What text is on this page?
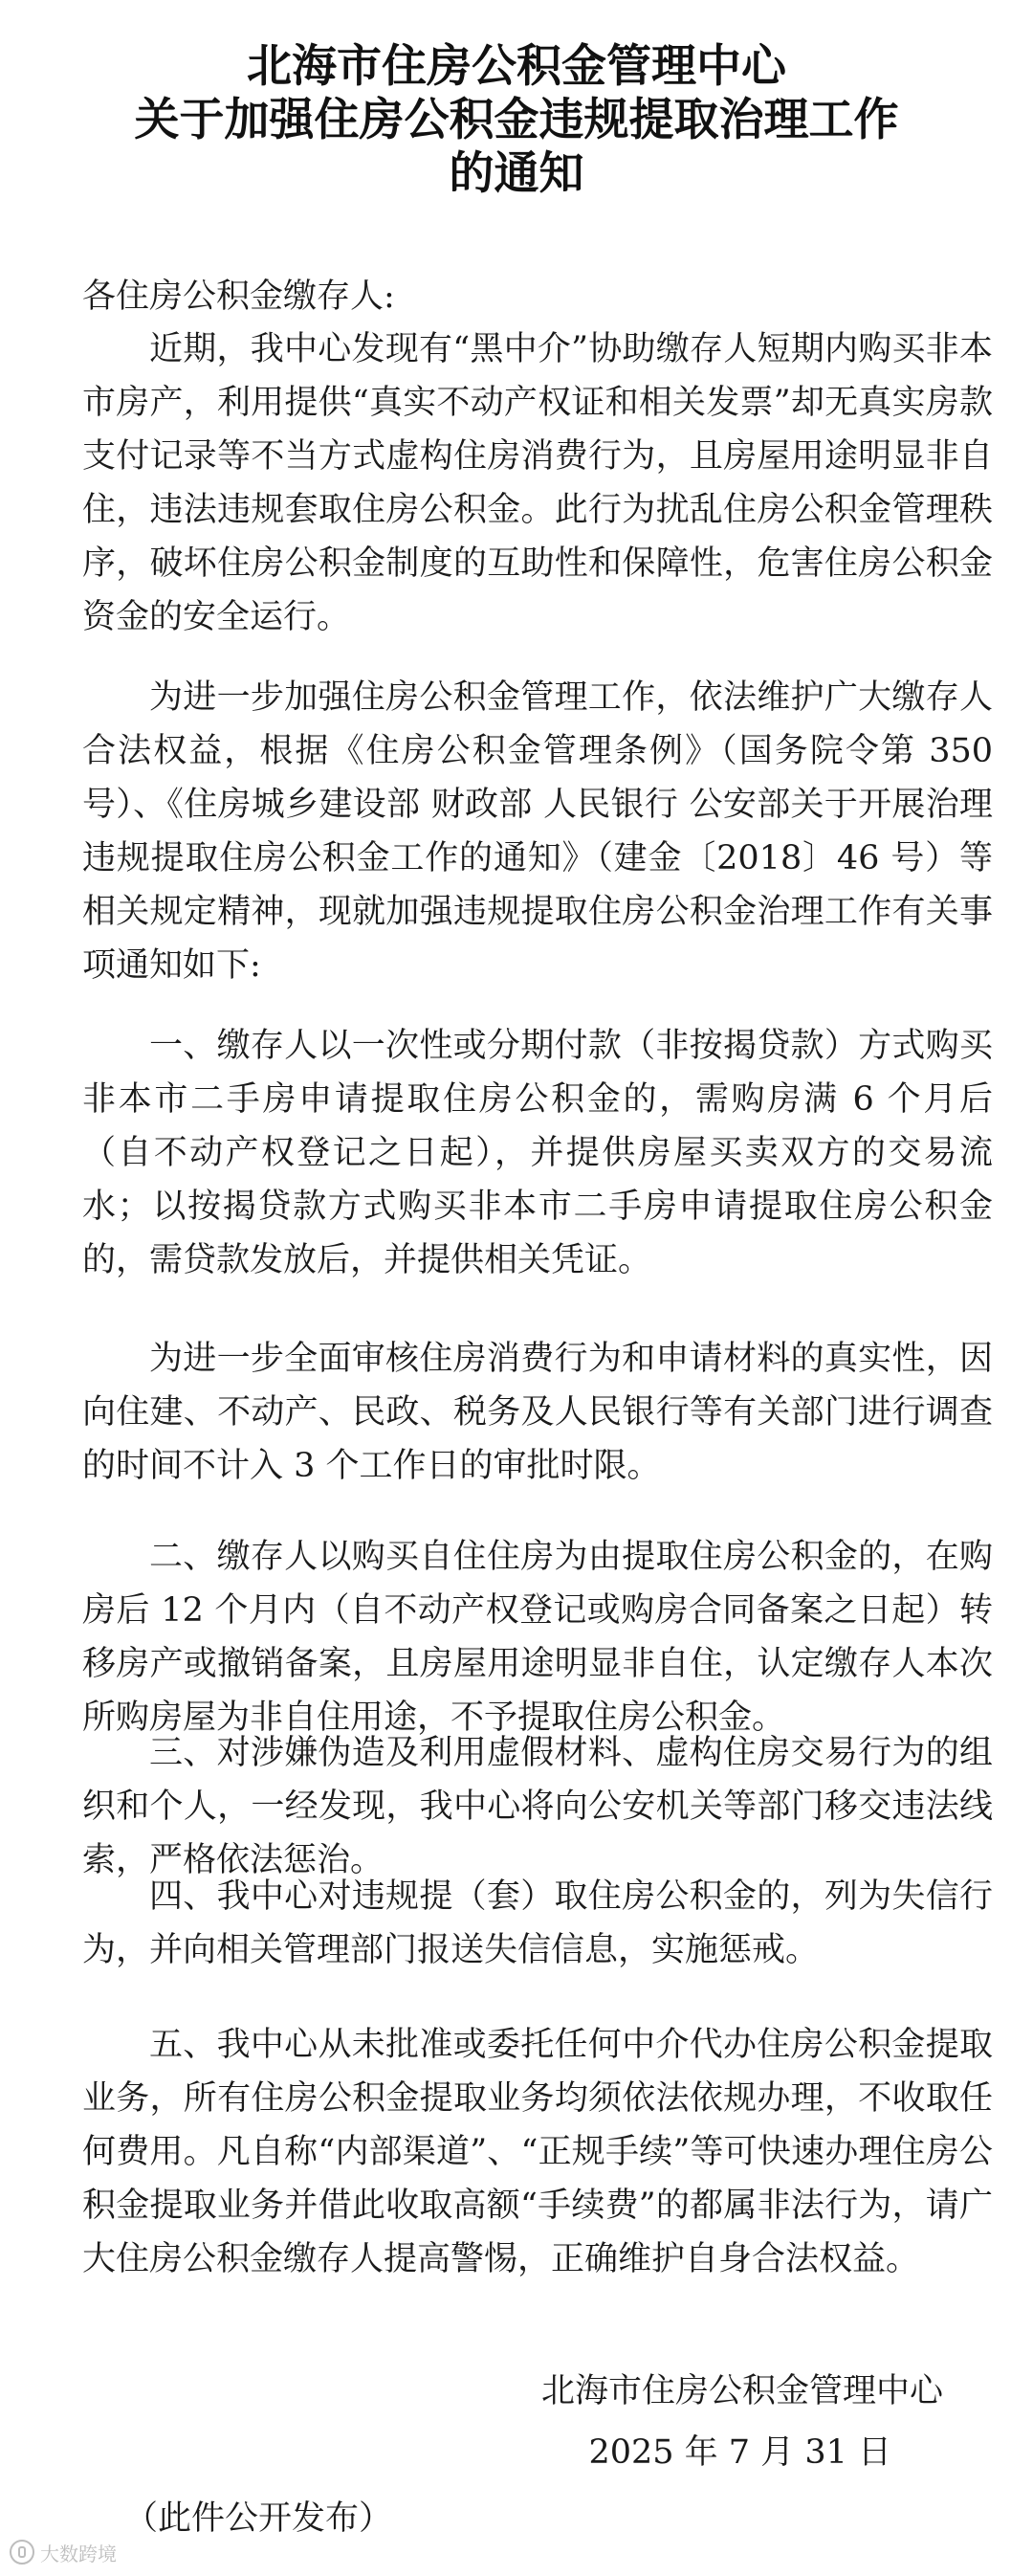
北海市住房公积金管理中心
关于加强住房公积金违规提取治理工作
的通知
各住房公积金缴存人:

近期，我中心发现有“黑中介”协助缴存人短期内购买非本市房产，利用提供“真实不动产权证和相关发票”却无真实房款支付记录等不当方式虚构住房消费行为，且房屋用途明显非自住，违法违规套取住房公积金。此行为扰乱住房公积金管理秩序，破坏住房公积金制度的互助性和保障性，危害住房公积金资金的安全运行。

为进一步加强住房公积金管理工作，依法维护广大缴存人合法权益，根据《住房公积金管理条例》（国务院令第 350 号）、《住房城乡建设部 财政部 人民银行 公安部关于开展治理违规提取住房公积金工作的通知》（建金〔2018〕46 号）等相关规定精神，现就加强违规提取住房公积金治理工作有关事项通知如下:

一、缴存人以一次性或分期付款（非按揭贷款）方式购买非本市二手房申请提取住房公积金的，需购房满 6 个月后（自不动产权登记之日起），并提供房屋买卖双方的交易流水；以按揭贷款方式购买非本市二手房申请提取住房公积金的，需贷款发放后，并提供相关凭证。

为进一步全面审核住房消费行为和申请材料的真实性，因向住建、不动产、民政、税务及人民银行等有关部门进行调查的时间不计入 3 个工作日的审批时限。

二、缴存人以购买自住住房为由提取住房公积金的，在购房后 12 个月内（自不动产权登记或购房合同备案之日起）转移房产或撤销备案，且房屋用途明显非自住，认定缴存人本次所购房屋为非自住用途，不予提取住房公积金。

三、对涉嫌伪造及利用虚假材料、虚构住房交易行为的组织和个人，一经发现，我中心将向公安机关等部门移交违法线索，严格依法惩治。

四、我中心对违规提（套）取住房公积金的，列为失信行为，并向相关管理部门报送失信信息，实施惩戒。

五、我中心从未批准或委托任何中介代办住房公积金提取业务，所有住房公积金提取业务均须依法依规办理，不收取任何费用。凡自称“内部渠道”、“正规手续”等可快速办理住房公积金提取业务并借此收取高额“手续费”的都属非法行为，请广大住房公积金缴存人提高警惕，正确维护自身合法权益。

北海市住房公积金管理中心
2025 年 7 月 31 日
（此件公开发布）
大数跨境
